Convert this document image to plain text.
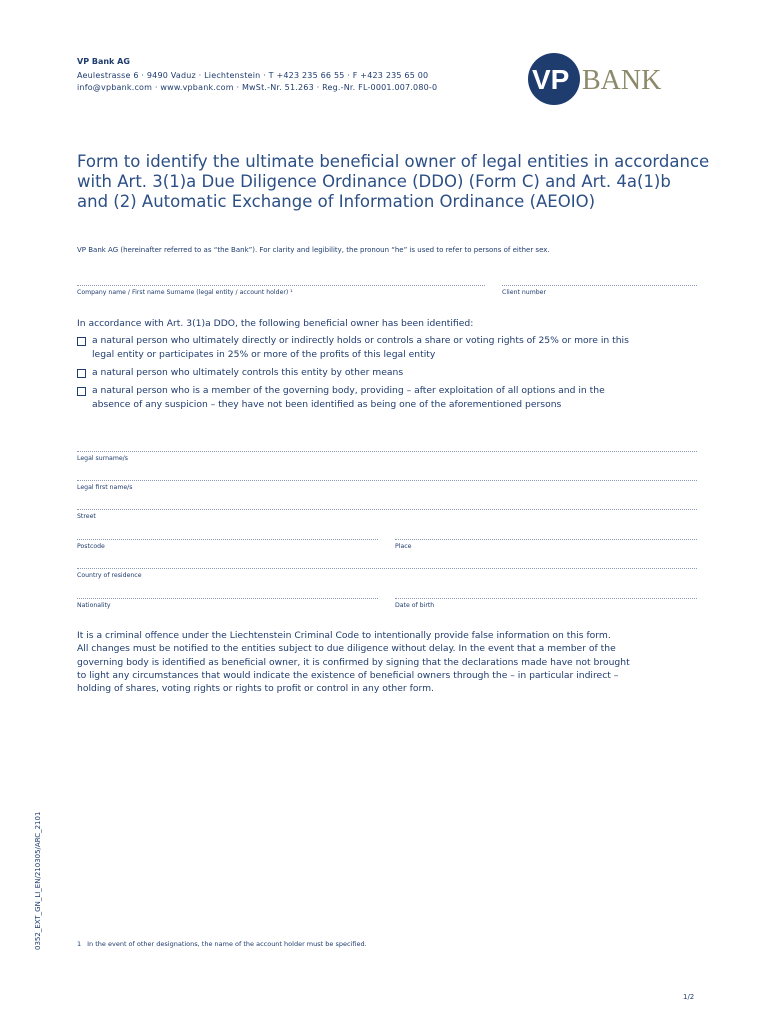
VP Bank AG
Aeulestrasse 6 · 9490 Vaduz · Liechtenstein · T +423 235 66 55 · F +423 235 65 00
info@vpbank.com · www.vpbank.com · MwSt.-Nr. 51.263 · Reg.-Nr. FL-0001.007.080-0	VP BANK
Form to identify the ultimate beneficial owner of legal entities in accordance
with Art. 3(1)a Due Diligence Ordinance (DDO) (Form C) and Art. 4a(1)b
and (2) Automatic Exchange of Information Ordinance (AEOIO)
VP Bank AG (hereinafter referred to as “the Bank”). For clarity and legibility, the pronoun “he” is used to refer to persons of either sex.
Company name / First name Surname (legal entity / account holder) ¹	Client number
In accordance with Art. 3(1)a DDO, the following beneficial owner has been identified:
a natural person who ultimately directly or indirectly holds or controls a share or voting rights of 25% or more in this
legal entity or participates in 25% or more of the profits of this legal entity
a natural person who ultimately controls this entity by other means
a natural person who is a member of the governing body, providing – after exploitation of all options and in the
absence of any suspicion – they have not been identified as being one of the aforementioned persons
Legal surname/s
Legal first name/s
Street
Postcode	Place
Country of residence
Nationality	Date of birth
It is a criminal offence under the Liechtenstein Criminal Code to intentionally provide false information on this form.
All changes must be notified to the entities subject to due diligence without delay. In the event that a member of the
governing body is identified as beneficial owner, it is confirmed by signing that the declarations made have not brought
to light any circumstances that would indicate the existence of beneficial owners through the – in particular indirect –
holding of shares, voting rights or rights to profit or control in any other form.
0352_EXT_GN_LI_EN/210305/ARC_2101	1 In the event of other designations, the name of the account holder must be specified.
1/2
